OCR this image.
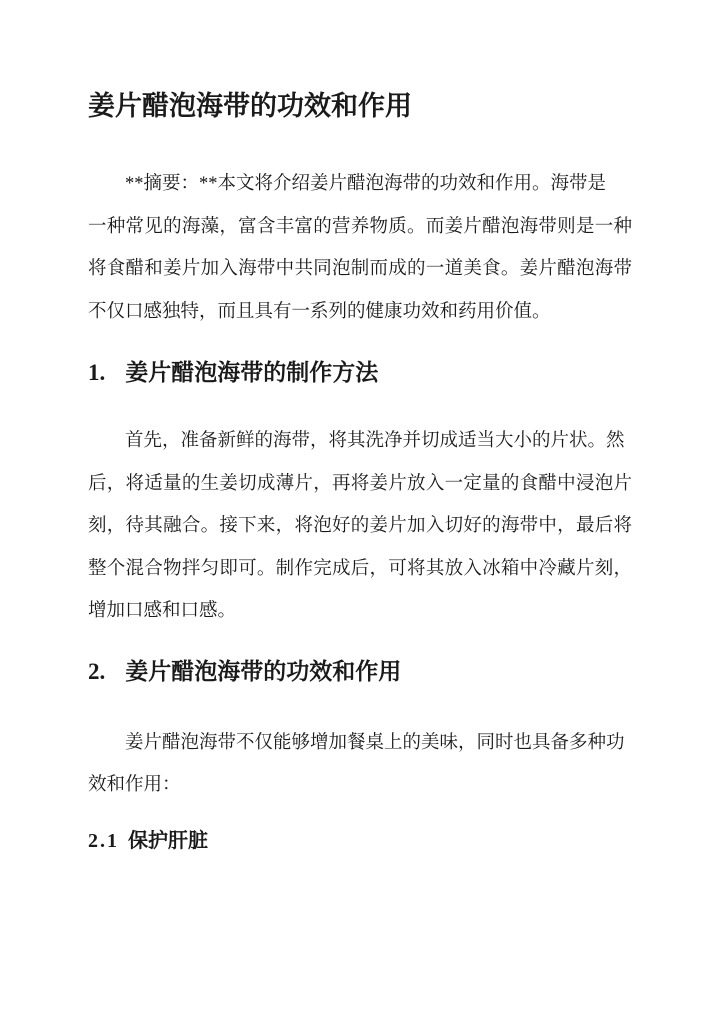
姜片醋泡海带的功效和作用
**摘要：**本文将介绍姜片醋泡海带的功效和作用。海带是
一种常见的海藻，富含丰富的营养物质。而姜片醋泡海带则是一种
将食醋和姜片加入海带中共同泡制而成的一道美食。姜片醋泡海带
不仅口感独特，而且具有一系列的健康功效和药用价值。
1. 姜片醋泡海带的制作方法
首先，准备新鲜的海带，将其洗净并切成适当大小的片状。然
后，将适量的生姜切成薄片，再将姜片放入一定量的食醋中浸泡片
刻，待其融合。接下来，将泡好的姜片加入切好的海带中，最后将
整个混合物拌匀即可。制作完成后，可将其放入冰箱中冷藏片刻，
增加口感和口感。
2. 姜片醋泡海带的功效和作用
姜片醋泡海带不仅能够增加餐桌上的美味，同时也具备多种功
效和作用：
2.1 保护肝脏
